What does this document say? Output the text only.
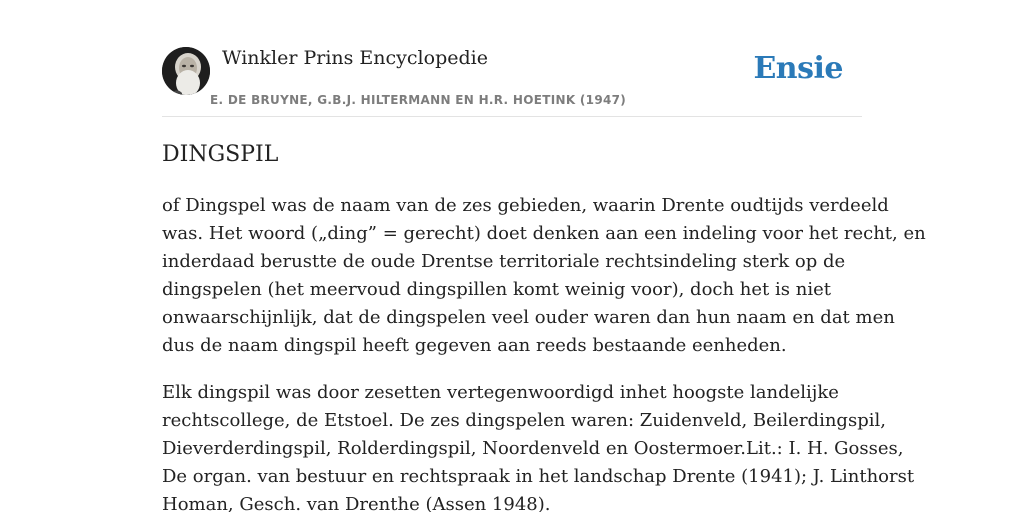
Winkler Prins Encyclopedie
E. DE BRUYNE, G.B.J. HILTERMANN EN H.R. HOETINK (1947)
Ensie
DINGSPIL

of Dingspel was de naam van de zes gebieden, waarin Drente oudtijds verdeeld
was. Het woord („ding” = gerecht) doet denken aan een indeling voor het recht, en
inderdaad berustte de oude Drentse territoriale rechtsindeling sterk op de
dingspelen (het meervoud dingspillen komt weinig voor), doch het is niet
onwaarschijnlijk, dat de dingspelen veel ouder waren dan hun naam en dat men
dus de naam dingspil heeft gegeven aan reeds bestaande eenheden.

Elk dingspil was door zesetten vertegenwoordigd inhet hoogste landelijke
rechtscollege, de Etstoel. De zes dingspelen waren: Zuidenveld, Beilerdingspil,
Dieverderdingspil, Rolderdingspil, Noordenveld en Oostermoer.Lit.: I. H. Gosses,
De organ. van bestuur en rechtspraak in het landschap Drente (1941); J. Linthorst
Homan, Gesch. van Drenthe (Assen 1948).
